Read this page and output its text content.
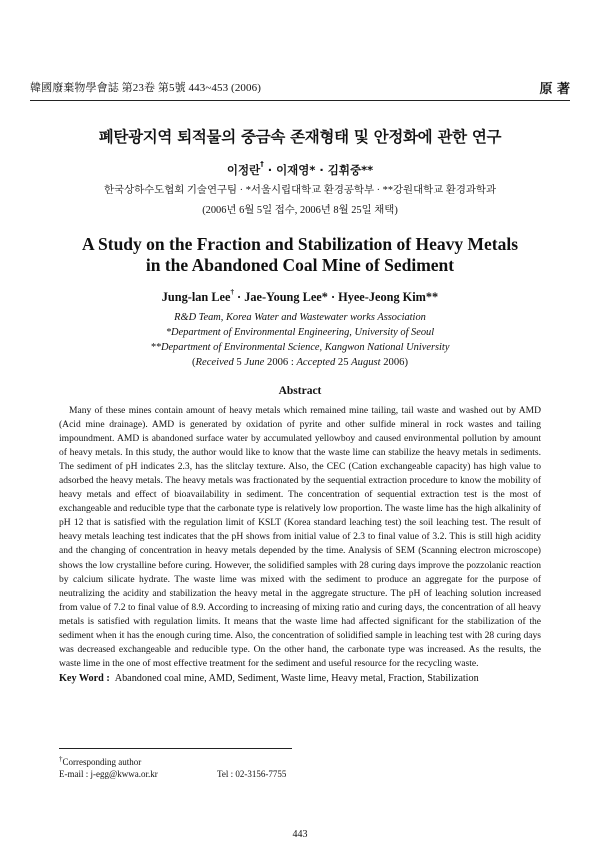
韓國廢棄物學會誌 第23卷 第5號 443~453 (2006)	原 著
폐탄광지역 퇴적물의 중금속 존재형태 및 안정화에 관한 연구
이정란† · 이재영* · 김휘중**
한국상하수도협회 기술연구팀 · *서울시립대학교 환경공학부 · **강원대학교 환경과학과
(2006년 6월 5일 접수, 2006년 8월 25일 채택)
A Study on the Fraction and Stabilization of Heavy Metals
in the Abandoned Coal Mine of Sediment
Jung-lan Lee† · Jae-Young Lee* · Hyee-Jeong Kim**
R&D Team, Korea Water and Wastewater works Association
*Department of Environmental Engineering, University of Seoul
**Department of Environmental Science, Kangwon National University
(Received 5 June 2006 : Accepted 25 August 2006)
Abstract

Many of these mines contain amount of heavy metals which remained mine tailing, tail waste and washed out by AMD (Acid mine drainage). AMD is generated by oxidation of pyrite and other sulfide mineral in rock wastes and tailing impoundment. AMD is abandoned surface water by accumulated yellowboy and caused environmental pollution by amount of heavy metals. In this study, the author would like to know that the waste lime can stabilize the heavy metals in sediments. The sediment of pH indicates 2.3, has the slitclay texture. Also, the CEC (Cation exchangeable capacity) has high value to adsorbed the heavy metals. The heavy metals was fractionated by the sequential extraction procedure to know the mobility of heavy metals and effect of bioavailability in sediment. The concentration of sequential extraction test is the most of exchangeable and reducible type that the carbonate type is relatively low proportion. The waste lime has the high alkalinity of pH 12 that is satisfied with the regulation limit of KSLT (Korea standard leaching test) the soil leaching test. The result of heavy metals leaching test indicates that the pH shows from initial value of 2.3 to final value of 3.2. This is still high acidity and the changing of concentration in heavy metals depended by the time. Analysis of SEM (Scanning electron microscope) shows the low crystalline before curing. However, the solidified samples with 28 curing days improve the pozzolanic reaction by calcium silicate hydrate. The waste lime was mixed with the sediment to produce an aggregate for the purpose of neutralizing the acidity and stabilization the heavy metal in the aggregate structure. The pH of leaching solution increased from value of 7.2 to final value of 8.9. According to increasing of mixing ratio and curing days, the concentration of all heavy metals is satisfied with regulation limits. It means that the waste lime had affected significant for the stabilization of the sediment when it has the enough curing time. Also, the concentration of solidified sample in leaching test with 28 curing days was decreased exchangeable and reducible type. On the other hand, the carbonate type was increased. As the results, the waste lime in the one of most effective treatment for the sediment and useful resource for the recycling waste.

Key Word : Abandoned coal mine, AMD, Sediment, Waste lime, Heavy metal, Fraction, Stabilization
†Corresponding author
E-mail : j-egg@kwwa.or.kr	Tel : 02-3156-7755
443
